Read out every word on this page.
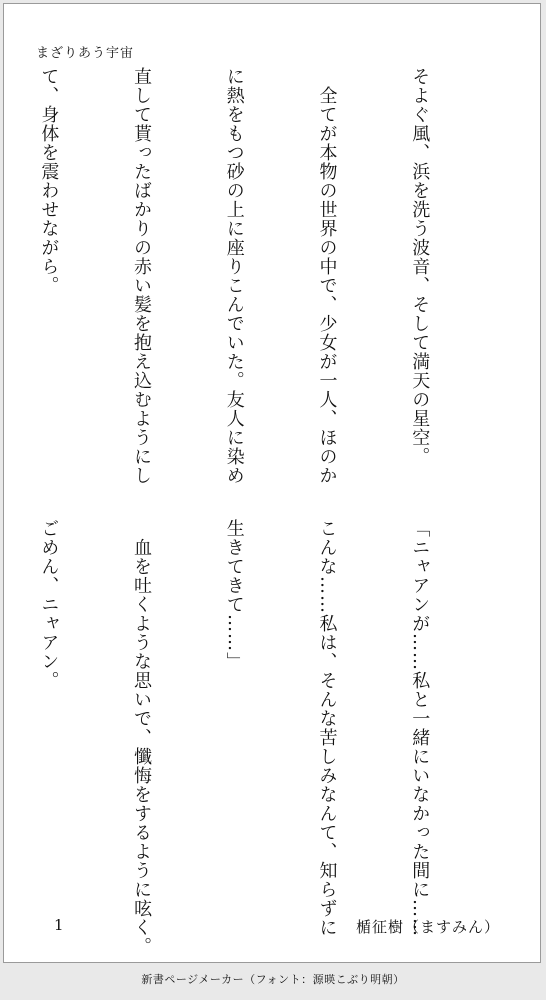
まざりあう宇宙

そよぐ風、浜を洗う波音、そして満天の星空。

　全てが本物の世界の中で、少女が一人、ほのか

に熱をもつ砂の上に座りこんでいた。友人に染め

直して貰ったばかりの赤い髪を抱え込むようにし

て、身体を震わせながら。

「ニャアンが……私と一緒にいなかった間に……

こんな……私は、そんな苦しみなんて、知らずに

生きてきて……」

　血を吐くような思いで、懺悔をするように呟く。

ごめん、ニャアン。

1	楯征樹（ますみん）
新書ページメーカー（フォント：源暎こぶり明朝）
